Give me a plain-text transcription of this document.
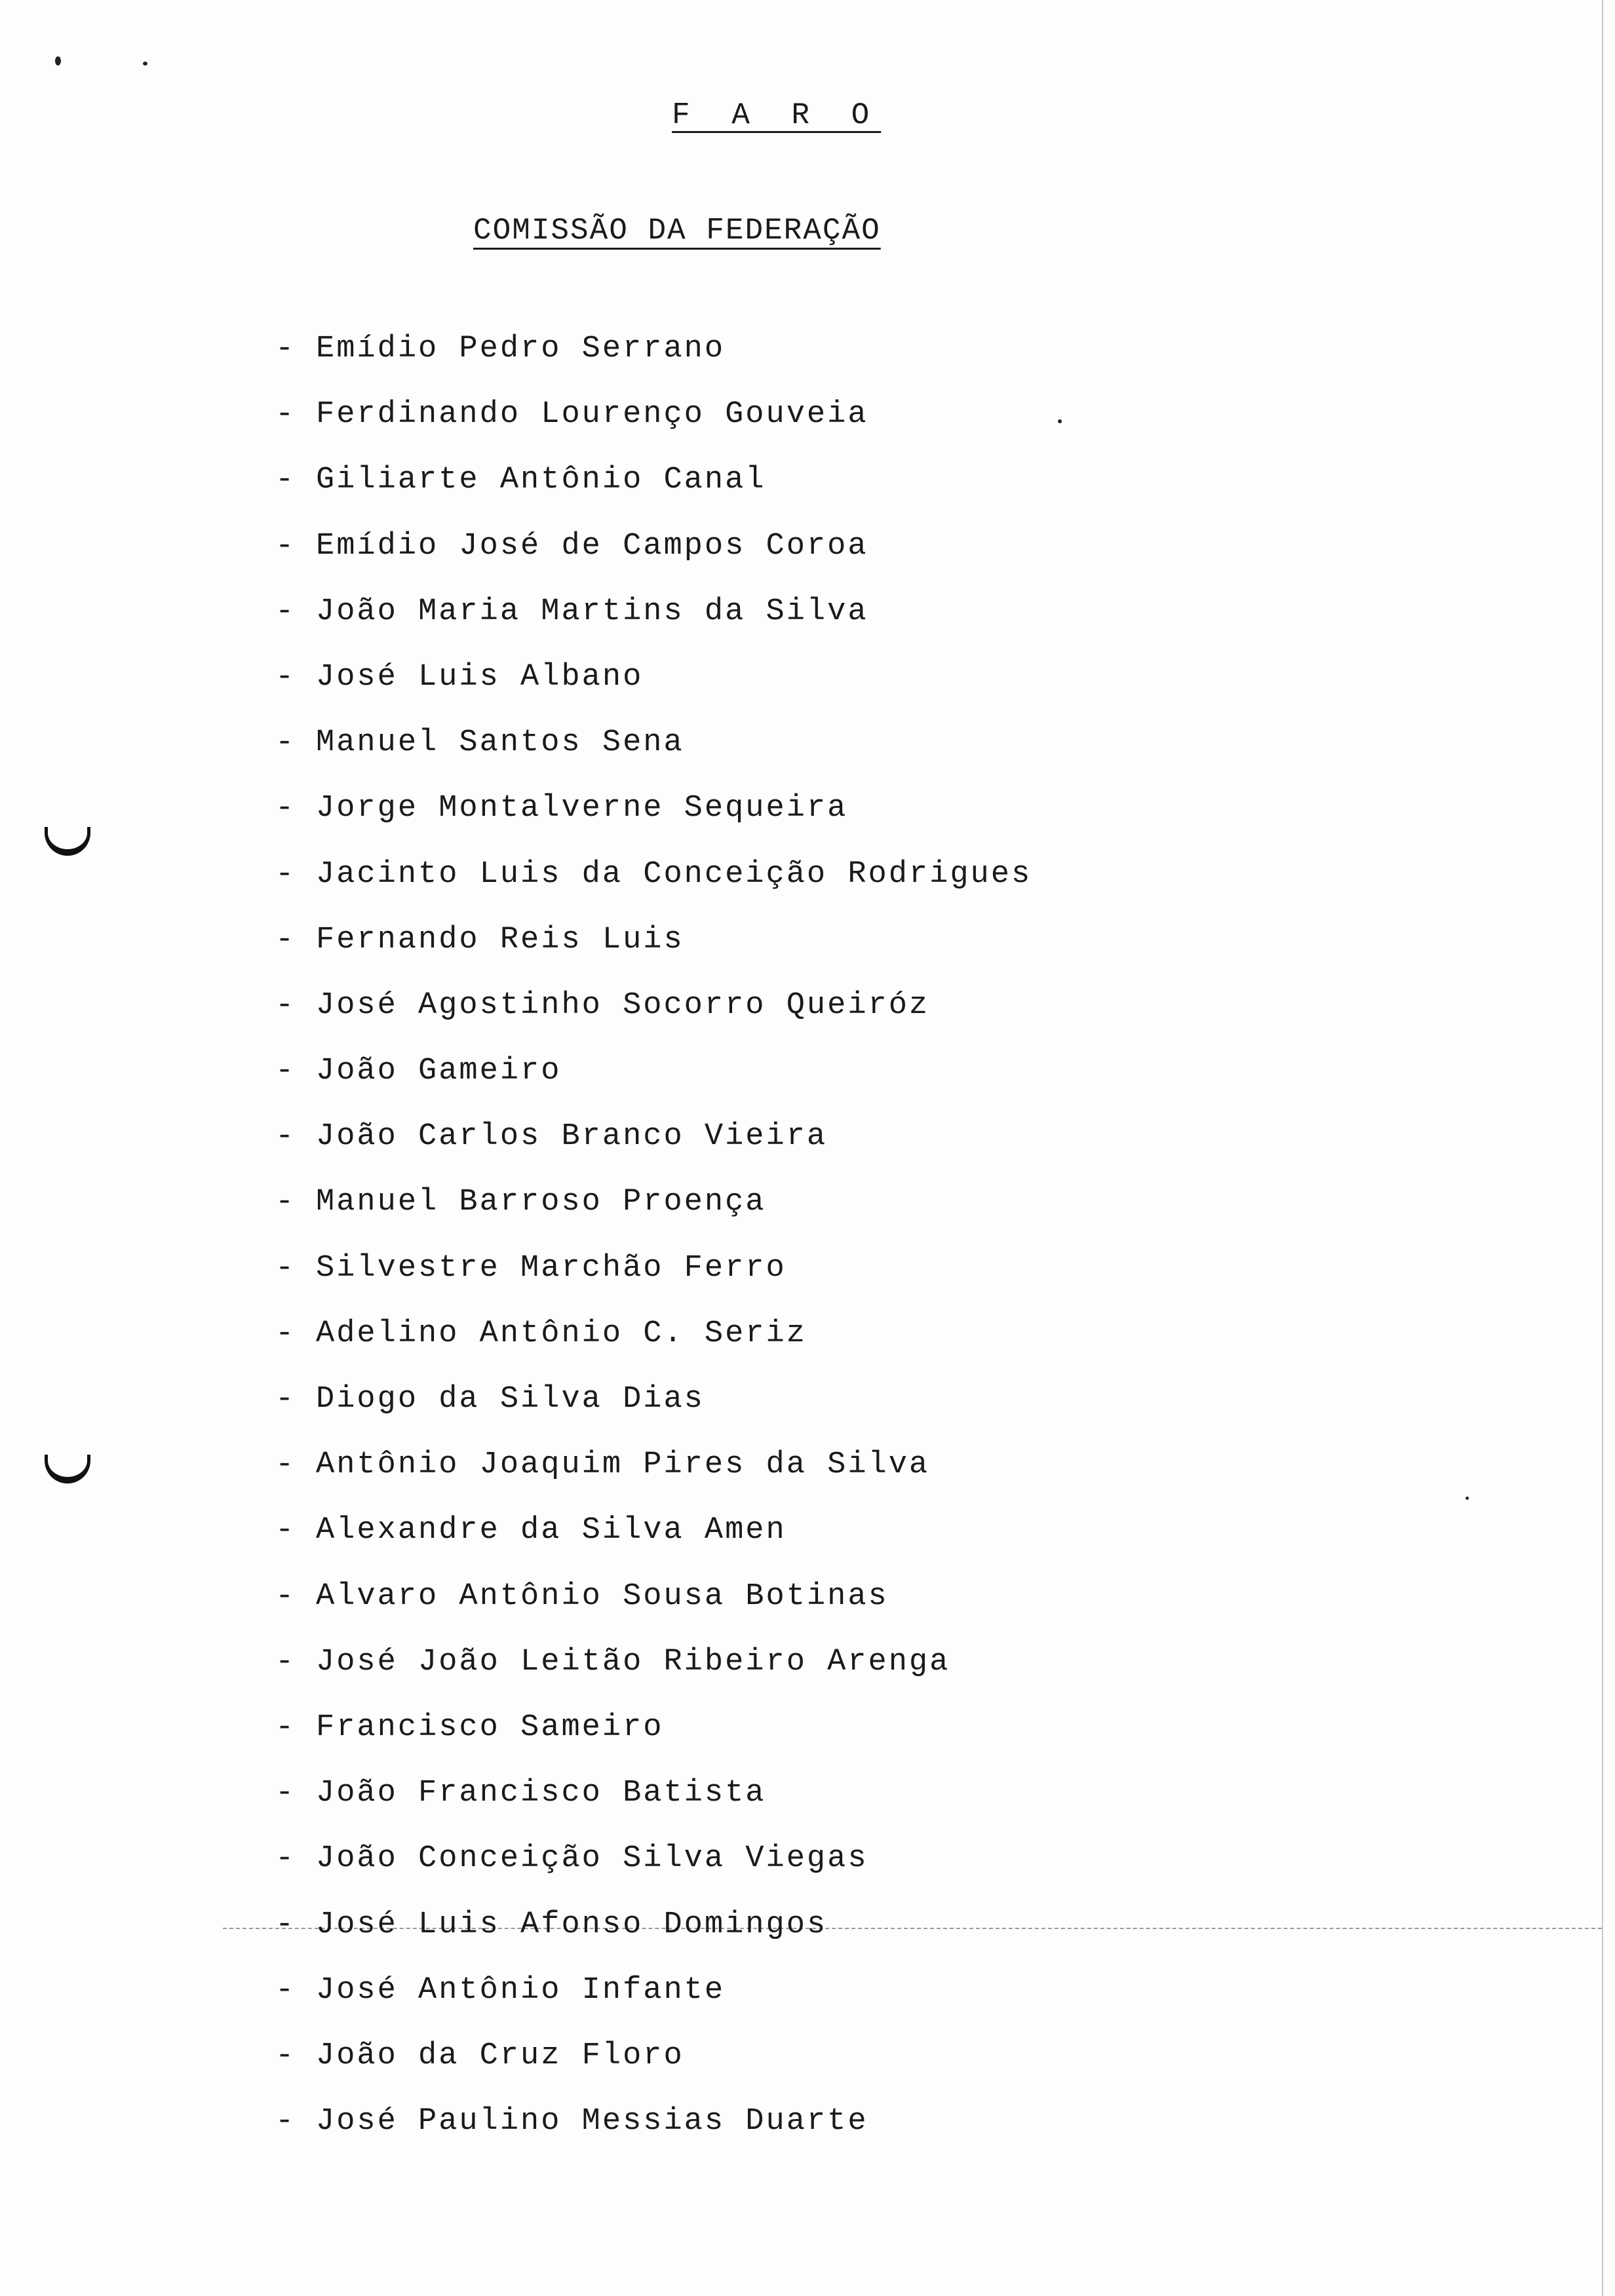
F A R O
COMISSÃO DA FEDERAÇÃO
- Emídio Pedro Serrano
- Ferdinando Lourenço Gouveia
- Giliarte Antônio Canal
- Emídio José de Campos Coroa
- João Maria Martins da Silva
- José Luis Albano
- Manuel Santos Sena
- Jorge Montalverne Sequeira
- Jacinto Luis da Conceição Rodrigues
- Fernando Reis Luis
- José Agostinho Socorro Queiróz
- João Gameiro
- João Carlos Branco Vieira
- Manuel Barroso Proença
- Silvestre Marchão Ferro
- Adelino Antônio C. Seriz
- Diogo da Silva Dias
- Antônio Joaquim Pires da Silva
- Alexandre da Silva Amen
- Alvaro Antônio Sousa Botinas
- José João Leitão Ribeiro Arenga
- Francisco Sameiro
- João Francisco Batista
- João Conceição Silva Viegas
- José Luis Afonso Domingos
- José Antônio Infante
- João da Cruz Floro
- José Paulino Messias Duarte
